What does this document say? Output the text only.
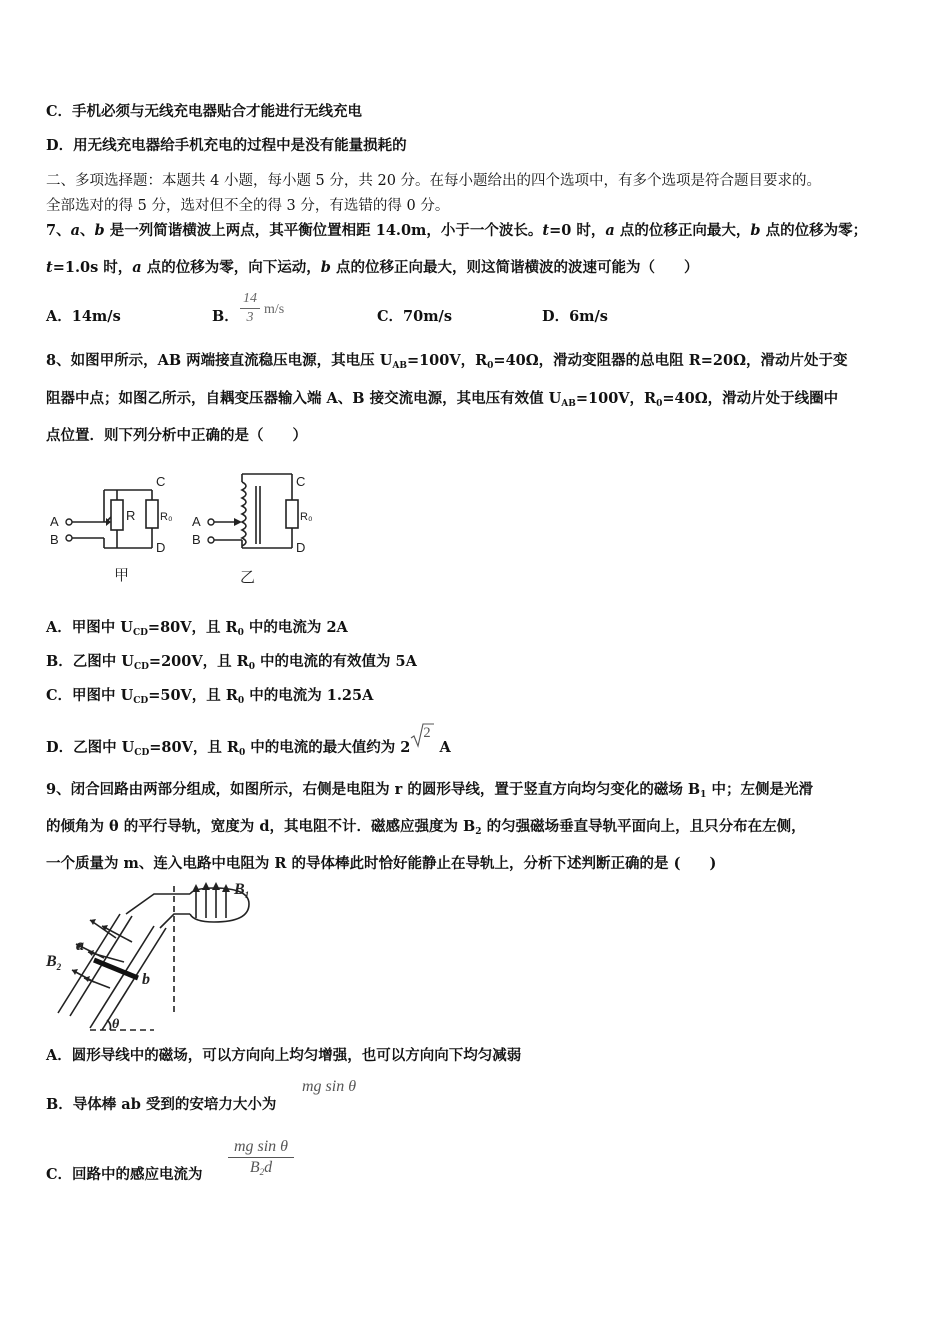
C．手机必须与无线充电器贴合才能进行无线充电
D．用无线充电器给手机充电的过程中是没有能量损耗的
二、多项选择题：本题共 4 小题，每小题 5 分，共 20 分。在每小题给出的四个选项中，有多个选项是符合题目要求的。
全部选对的得 5 分，选对但不全的得 3 分，有选错的得 0 分。
7、a、b 是一列简谐横波上两点，其平衡位置相距 14.0m，小于一个波长。t=0 时，a 点的位移正向最大，b 点的位移为零；
t=1.0s 时，a 点的位移为零，向下运动，b 点的位移正向最大，则这简谐横波的波速可能为（　　）
A．14m/s	B．
14
3
m/s	C．70m/s	D．6m/s
8、如图甲所示，AB 两端接直流稳压电源，其电压 $U_{AB}=100V$，$R_0=40\Omega$，滑动变阻器的总电阻 R=20Ω，滑动片处于变
阻器中点；如图乙所示，自耦变压器输入端 A、B 接交流电源，其电压有效值 $U_{AB}=100V$，$R_0=40\Omega$，滑动片处于线圈中
点位置．则下列分析中正确的是（　　）
A
B
C
D
R R₀ A
B
C
D
R₀
甲	乙
A．甲图中 $U_{CD}=80V$，且 $R_0$ 中的电流为 2A
B．乙图中 $U_{CD}=200V$，且 $R_0$ 中的电流的有效值为 5A
C．甲图中 $U_{CD}=50V$，且 $R_0$ 中的电流为 1.25A
D．乙图中 $U_{CD}=80V$，且 $R_0$ 中的电流的最大值约为 2
2
A
9、闭合回路由两部分组成，如图所示，右侧是电阻为 r 的圆形导线，置于竖直方向均匀变化的磁场 $B_1$ 中；左侧是光滑
的倾角为 θ 的平行导轨，宽度为 d，其电阻不计．磁感应强度为 $B_2$ 的匀强磁场垂直导轨平面向上，且只分布在左侧，
一个质量为 m、连入电路中电阻为 R 的导体棒此时恰好能静止在导轨上，分析下述判断正确的是 (　　)
$B_1$
$B_2$
a
b
θ
A．圆形导线中的磁场，可以方向向上均匀增强，也可以方向向下均匀减弱
B．导体棒 ab 受到的安培力大小为
mg sin θ
C．回路中的感应电流为
mg sin θ
$B_2d$
